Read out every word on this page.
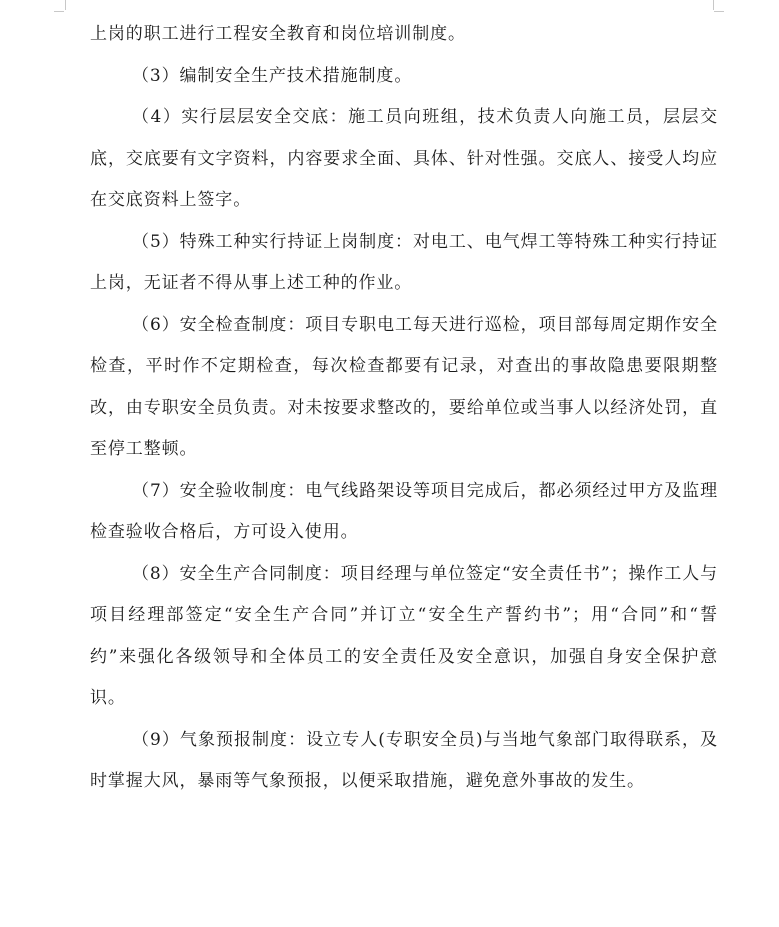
上岗的职工进行工程安全教育和岗位培训制度。

（3）编制安全生产技术措施制度。

（4）实行层层安全交底：施工员向班组，技术负责人向施工员，层层交底，交底要有文字资料，内容要求全面、具体、针对性强。交底人、接受人均应在交底资料上签字。

（5）特殊工种实行持证上岗制度：对电工、电气焊工等特殊工种实行持证上岗，无证者不得从事上述工种的作业。

（6）安全检查制度：项目专职电工每天进行巡检，项目部每周定期作安全检查，平时作不定期检查，每次检查都要有记录，对查出的事故隐患要限期整改，由专职安全员负责。对未按要求整改的，要给单位或当事人以经济处罚，直至停工整顿。

（7）安全验收制度：电气线路架设等项目完成后，都必须经过甲方及监理检查验收合格后，方可设入使用。

（8）安全生产合同制度：项目经理与单位签定“安全责任书”；操作工人与项目经理部签定“安全生产合同”并订立“安全生产誓约书”；用“合同”和“誓约”来强化各级领导和全体员工的安全责任及安全意识，加强自身安全保护意识。

（9）气象预报制度：设立专人(专职安全员)与当地气象部门取得联系，及时掌握大风，暴雨等气象预报，以便采取措施，避免意外事故的发生。
